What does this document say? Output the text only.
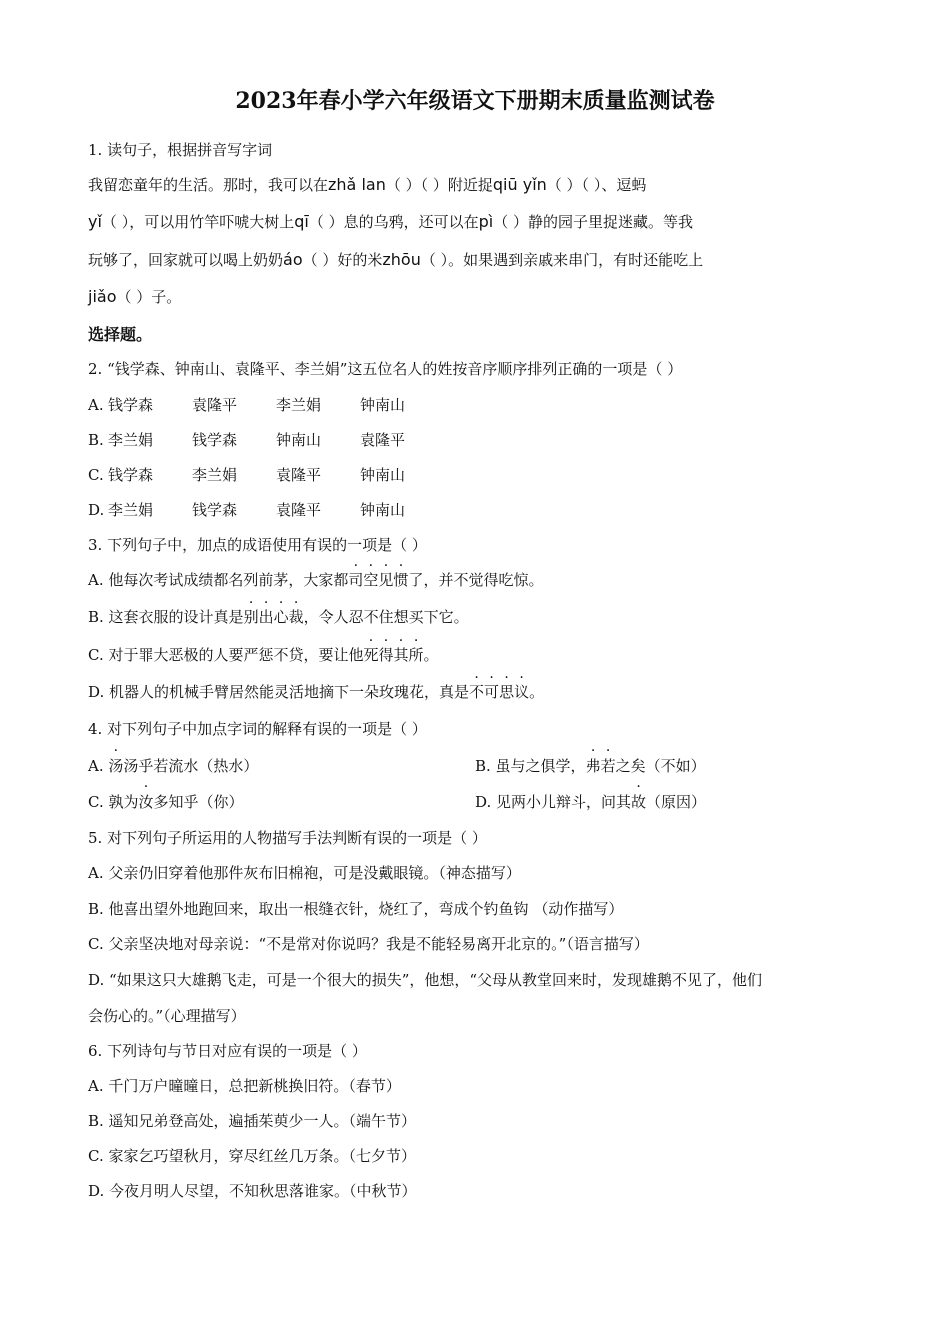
2023年春小学六年级语文下册期末质量监测试卷
1. 读句子，根据拼音写字词
我留恋童年的生活。那时，我可以在zhǎ lan（ ）（ ）附近捉qiū yǐn（ ）（ ）、逗蚂
yǐ（ ），可以用竹竿吓唬大树上qī（ ）息的乌鸦，还可以在pì（ ）静的园子里捉迷藏。等我
玩够了，回家就可以喝上奶奶áo（ ）好的米zhōu（ ）。如果遇到亲戚来串门，有时还能吃上
jiǎo（ ）子。
选择题。
2. “钱学森、钟南山、袁隆平、李兰娟”这五位名人的姓按音序顺序排列正确的一项是（ ）
A. 钱学森	袁隆平	李兰娟	钟南山
B. 李兰娟	钱学森	钟南山	袁隆平
C. 钱学森	李兰娟	袁隆平	钟南山
D. 李兰娟	钱学森	袁隆平	钟南山
3. 下列句子中，加点的成语使用有误的一项是（ ）
A. 他每次考试成绩都名列前茅，大家都司空见惯了，并不觉得吃惊。
B. 这套衣服的设计真是别出心裁，令人忍不住想买下它。
C. 对于罪大恶极的人要严惩不贷，要让他死得其所。
D. 机器人的机械手臂居然能灵活地摘下一朵玫瑰花，真是不可思议。
4. 对下列句子中加点字词的解释有误的一项是（ ）
A. 汤汤乎若流水（热水）	B. 虽与之俱学，弗若之矣（不如）
C. 孰为汝多知乎（你）	D. 见两小儿辩斗，问其故（原因）
5. 对下列句子所运用的人物描写手法判断有误的一项是（ ）
A. 父亲仍旧穿着他那件灰布旧棉袍，可是没戴眼镜。（神态描写）
B. 他喜出望外地跑回来，取出一根缝衣针，烧红了，弯成个钓鱼钩 （动作描写）
C. 父亲坚决地对母亲说：“不是常对你说吗？我是不能轻易离开北京的。”（语言描写）
D. “如果这只大雄鹅飞走，可是一个很大的损失”，他想，“父母从教堂回来时，发现雄鹅不见了，他们
会伤心的。”（心理描写）
6. 下列诗句与节日对应有误的一项是（ ）
A. 千门万户曈曈日，总把新桃换旧符。（春节）
B. 遥知兄弟登高处，遍插茱萸少一人。（端午节）
C. 家家乞巧望秋月，穿尽红丝几万条。（七夕节）
D. 今夜月明人尽望，不知秋思落谁家。（中秋节）
